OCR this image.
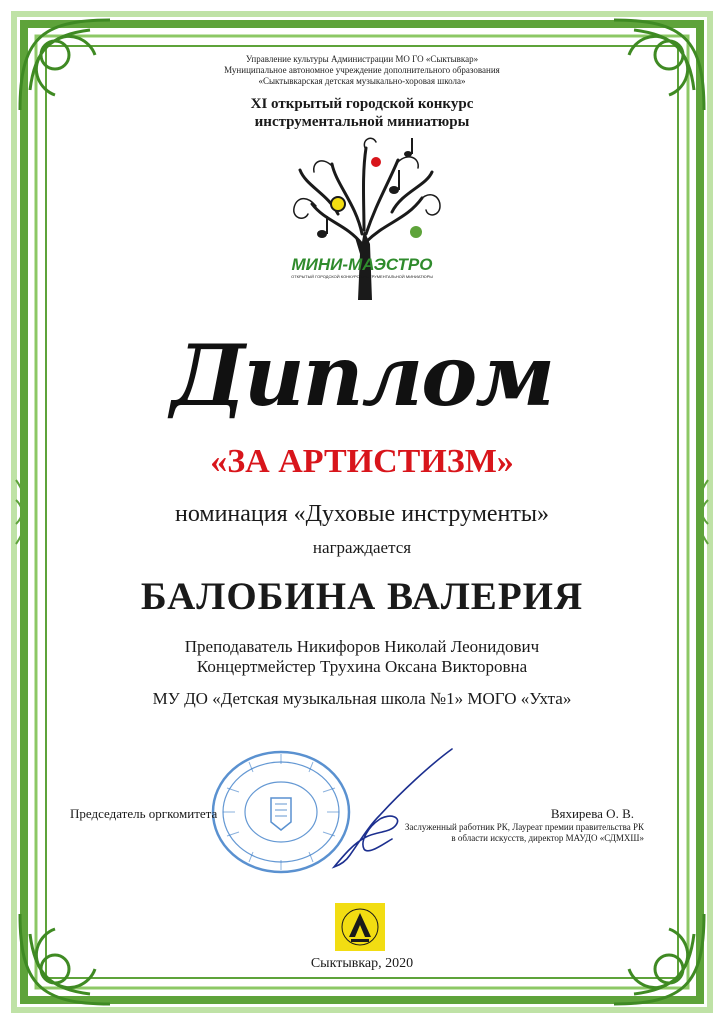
Управление культуры Администрации МО ГО «Сыктывкар»
Муниципальное автономное учреждение дополнительного образования
«Сыктывкарская детская музыкально-хоровая школа»
XI открытый городской конкурс
инструментальной миниатюры
МИНИ-МАЭСТРО
ОТКРЫТЫЙ ГОРОДСКОЙ КОНКУРС ИНСТРУМЕНТАЛЬНОЙ МИНИАТЮРЫ
Диплом
«ЗА АРТИСТИЗМ»
номинация «Духовые инструменты»
награждается
БАЛОБИНА ВАЛЕРИЯ
Преподаватель Никифоров Николай Леонидович
Концертмейстер Трухина Оксана Викторовна
МУ ДО «Детская музыкальная школа №1» МОГО «Ухта»
Председатель оргкомитета	Вяхирева О. В.
Заслуженный работник РК, Лауреат премии правительства РК
в области искусств, директор МАУДО «СДМХШ»
Сыктывкар, 2020
